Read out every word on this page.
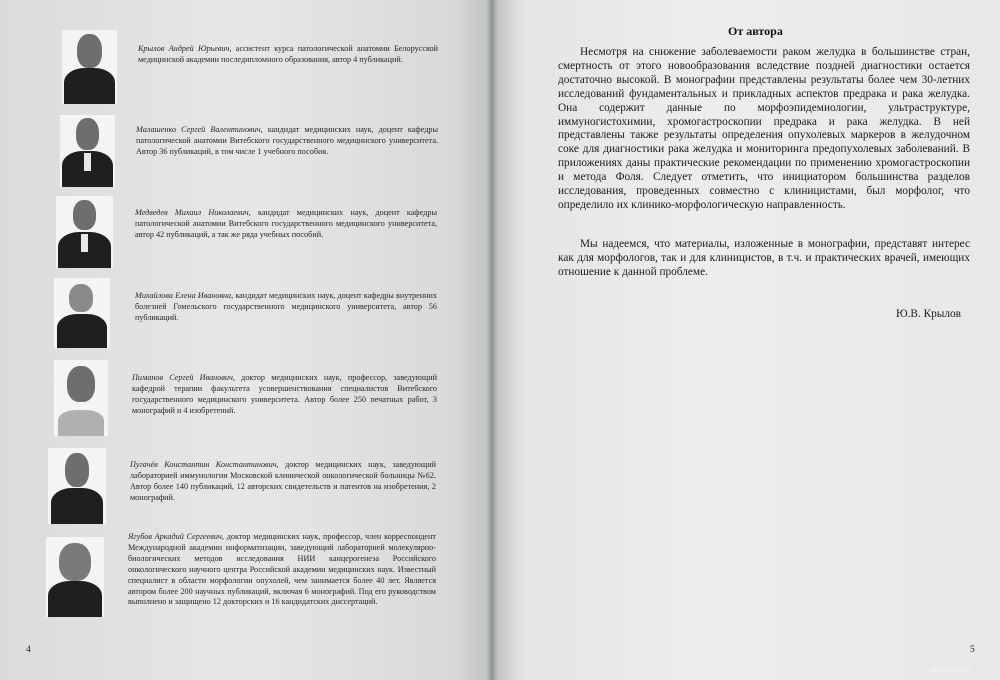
Крылов Андрей Юрьевич, ассистент курса патологической анатомии Белорусской медицинской академии последипломного образования, автор 4 публикаций.
Малашенко Сергей Валентинович, кандидат медицинских наук, доцент кафедры патологической анатомии Витебского государственного медицинского университета. Автор 36 публикаций, в том числе 1 учебного пособия.
Медведев Михаил Николаевич, кандидат медицинских наук, доцент кафедры патологической анатомии Витебского государственного медицинского университета, автор 42 публикаций, а так же ряда учебных пособий.
Михайлова Елена Ивановна, кандидат медицинских наук, доцент кафедры внутренних болезней Гомельского государственного медицинского университета, автор 56 публикаций.
Пиманов Сергей Иванович, доктор медицинских наук, профессор, заведующий кафедрой терапии факультета усовершенствования специалистов Витебского государственного медицинского университета. Автор более 250 печатных работ, 3 монографий и 4 изобретений.
Пугачёв Константин Константинович, доктор медицинских наук, заведующий лабораторией иммунологии Московской клинической онкологической больницы №62. Автор более 140 публикаций, 12 авторских свидетельств и патентов на изобретения, 2 монографий.
Ягубов Аркадий Сергеевич, доктор медицинских наук, профессор, член корреспондент Международной академии информатизации, заведующий лабораторией молекулярно-биологических методов исследования НИИ канцерогенеза Российского онкологического научного центра Российской академии медицинских наук. Известный специалист в области морфологии опухолей, чем занимается более 40 лет. Является автором более 200 научных публикаций, включая 6 монографий. Под его руководством выполнено и защищено 12 докторских и 16 кандидатских диссертаций.
4
От автора
Несмотря на снижение заболеваемости раком желудка в большинстве стран, смертность от этого новообразования вследствие поздней диагностики остается достаточно высокой. В монографии представлены результаты более чем 30-летних исследований фундаментальных и прикладных аспектов предрака и рака желудка. Она содержит данные по морфоэпидемиологии, ультраструктуре, иммуногистохимии, хромогастроскопии предрака и рака желудка. В ней представлены также результаты определения опухолевых маркеров в желудочном соке для диагностики рака желудка и мониторинга предопухолевых заболеваний. В приложениях даны практические рекомендации по применению хромогастроскопии и метода Фоля. Следует отметить, что инициатором большинства разделов исследования, проведенных совместно с клиницистами, был морфолог, что определило их клинико-морфологическую направленность.
Мы надеемся, что материалы, изложенные в монографии, представят интерес как для морфологов, так и для клиницистов, в т.ч. и практических врачей, имеющих отношение к данной проблеме.
Ю.В. Крылов
5
www.ay.by
